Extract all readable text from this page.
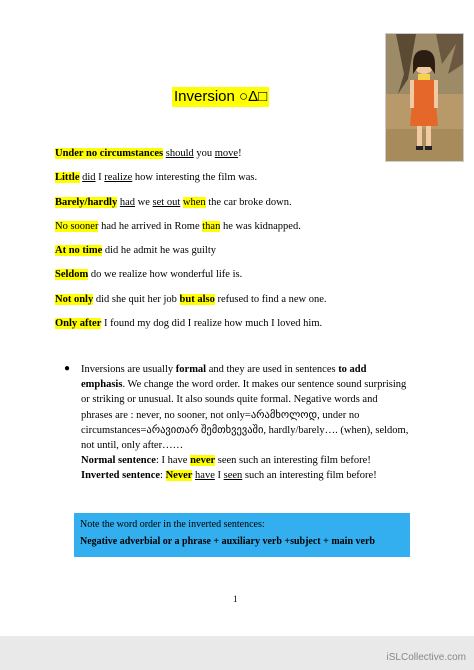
Inversion ○Δ□
Under no circumstances should you move!
Little did I realize how interesting the film was.
Barely/hardly had we set out when the car broke down.
No sooner had he arrived in Rome than he was kidnapped.
At no time did he admit he was guilty
Seldom do we realize how wonderful life is.
Not only did she quit her job but also refused to find a new one.
Only after I found my dog did I realize how much I loved him.
● Inversions are usually formal and they are used in sentences to add emphasis. We change the word order. It makes our sentence sound surprising or striking or unusual. It also sounds quite formal. Negative words and phrases are : never, no sooner, not only=არამხოლოდ, under no circumstances=არავითარ შემთხვევაში, hardly/barely…. (when), seldom, not until, only after……

Normal sentence: I have never seen such an interesting film before!

Inverted sentence: Never have I seen such an interesting film before!

Note the word order in the inverted sentences:
Negative adverbial or a phrase + auxiliary verb +subject + main verb
1
iSLCollective.com
